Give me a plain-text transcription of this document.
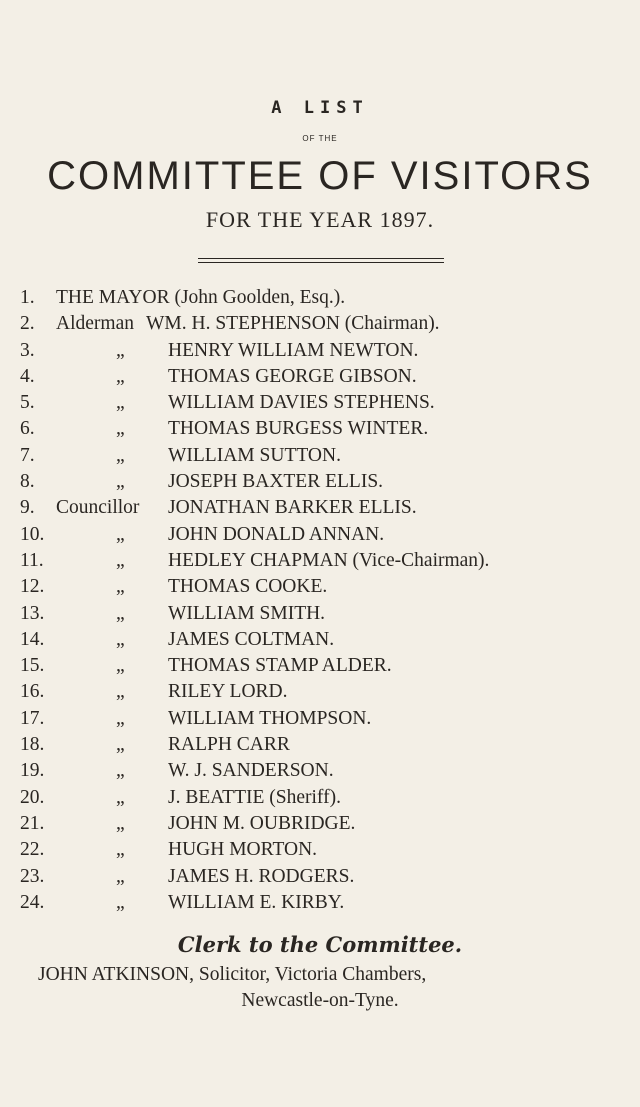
A LIST
OF THE
COMMITTEE OF VISITORS
FOR THE YEAR 1897.
1. THE MAYOR (John Goolden, Esq.).
2. Alderman WM. H. STEPHENSON (Chairman).
3.	„ HENRY WILLIAM NEWTON.
4.	„ THOMAS GEORGE GIBSON.
5.	„ WILLIAM DAVIES STEPHENS.
6.	„ THOMAS BURGESS WINTER.
7.	„ WILLIAM SUTTON.
8.	„ JOSEPH BAXTER ELLIS.
9. Councillor JONATHAN BARKER ELLIS.
10.	„ JOHN DONALD ANNAN.
11.	„ HEDLEY CHAPMAN (Vice-Chairman).
12.	„ THOMAS COOKE.
13.	„ WILLIAM SMITH.
14.	„ JAMES COLTMAN.
15.	„ THOMAS STAMP ALDER.
16.	„ RILEY LORD.
17.	„ WILLIAM THOMPSON.
18.	„ RALPH CARR
19.	„ W. J. SANDERSON.
20.	„ J. BEATTIE (Sheriff).
21.	„ JOHN M. OUBRIDGE.
22.	„ HUGH MORTON.
23.	„ JAMES H. RODGERS.
24.	„ WILLIAM E. KIRBY.
Clerk to the Committee.
JOHN ATKINSON, Solicitor, Victoria Chambers,
Newcastle-on-Tyne.
